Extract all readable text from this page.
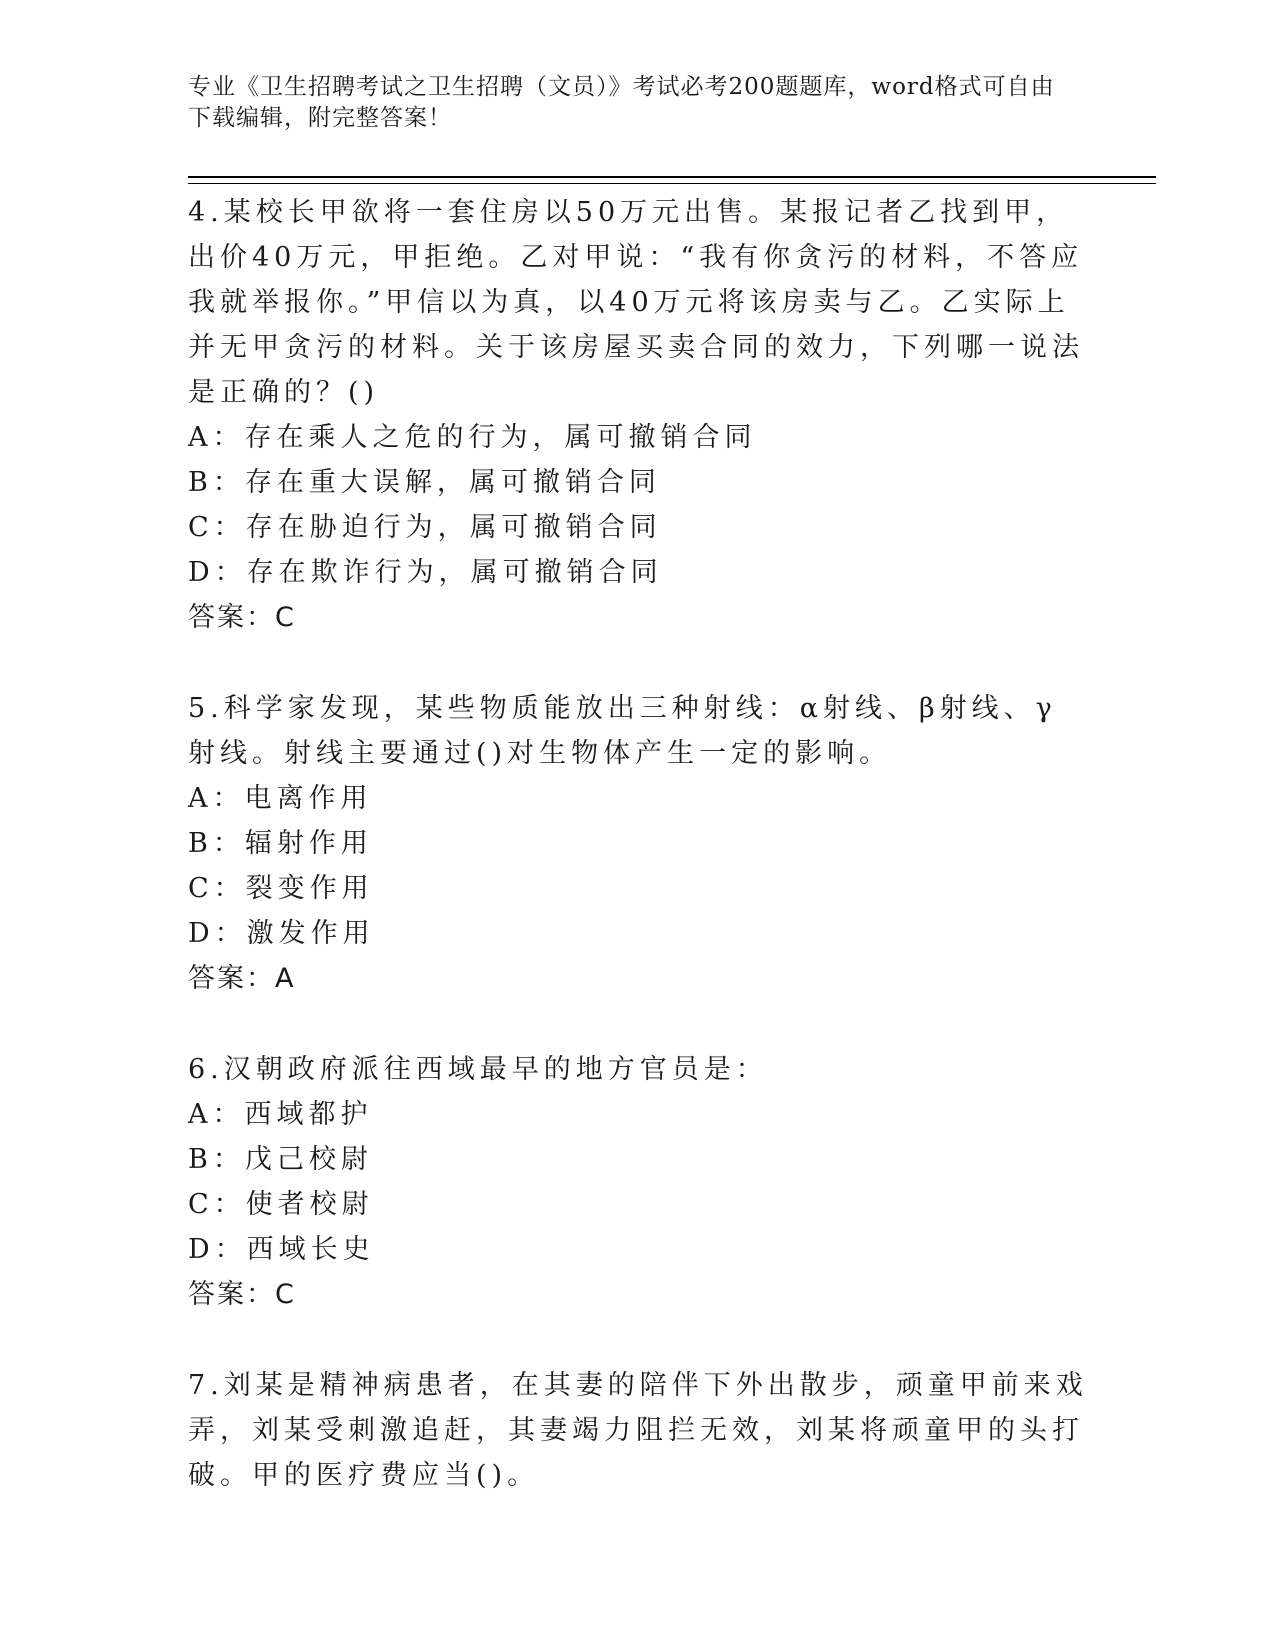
专业《卫生招聘考试之卫生招聘（文员）》考试必考200题题库，word格式可自由下载编辑，附完整答案！
4.某校长甲欲将一套住房以50万元出售。某报记者乙找到甲，出价40万元，甲拒绝。乙对甲说：“我有你贪污的材料，不答应我就举报你。”甲信以为真，以40万元将该房卖与乙。乙实际上并无甲贪污的材料。关于该房屋买卖合同的效力，下列哪一说法是正确的？()
A：存在乘人之危的行为，属可撤销合同
B：存在重大误解，属可撤销合同
C：存在胁迫行为，属可撤销合同
D：存在欺诈行为，属可撤销合同
答案：C
5.科学家发现，某些物质能放出三种射线：α射线、β射线、γ射线。射线主要通过()对生物体产生一定的影响。
A：电离作用
B：辐射作用
C：裂变作用
D：激发作用
答案：A
6.汉朝政府派往西域最早的地方官员是：
A：西域都护
B：戊己校尉
C：使者校尉
D：西域长史
答案：C
7.刘某是精神病患者，在其妻的陪伴下外出散步，顽童甲前来戏弄，刘某受刺激追赶，其妻竭力阻拦无效，刘某将顽童甲的头打破。甲的医疗费应当()。
